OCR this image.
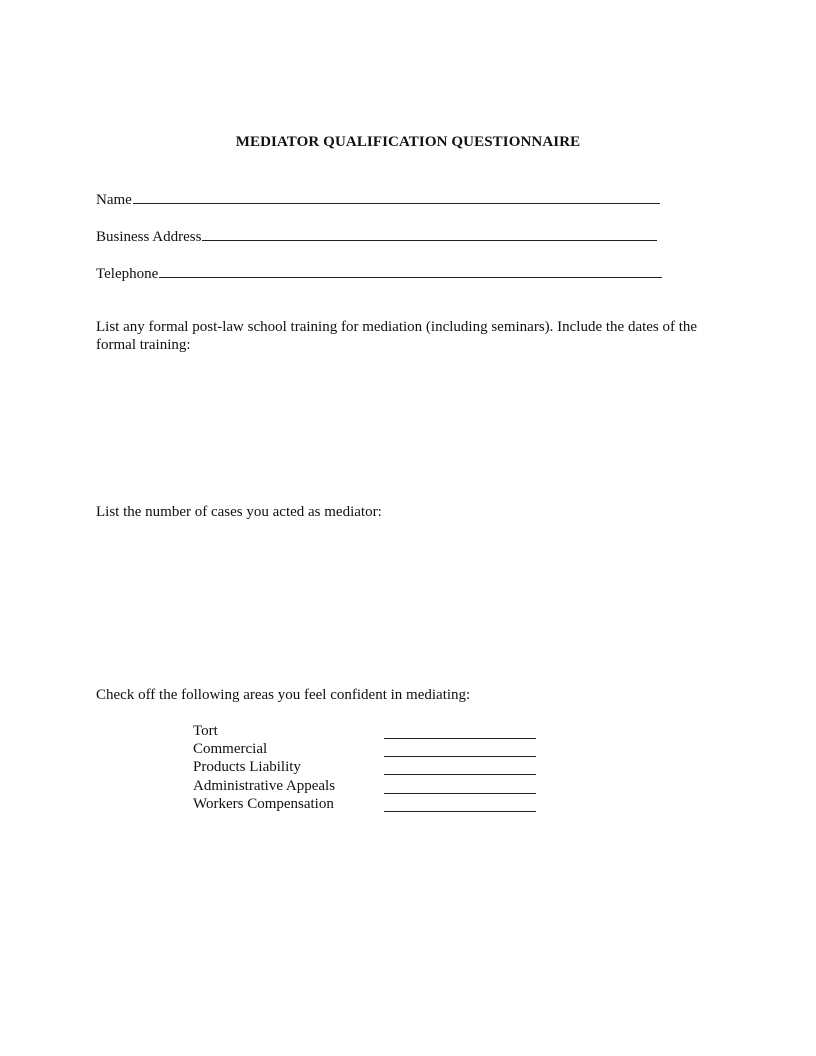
MEDIATOR QUALIFICATION QUESTIONNAIRE
Name
Business Address
Telephone
List any formal post-law school training for mediation (including seminars). Include the dates of the formal training:
List the number of cases you acted as mediator:
Check off the following areas you feel confident in mediating:
Tort
Commercial
Products Liability
Administrative Appeals
Workers Compensation
